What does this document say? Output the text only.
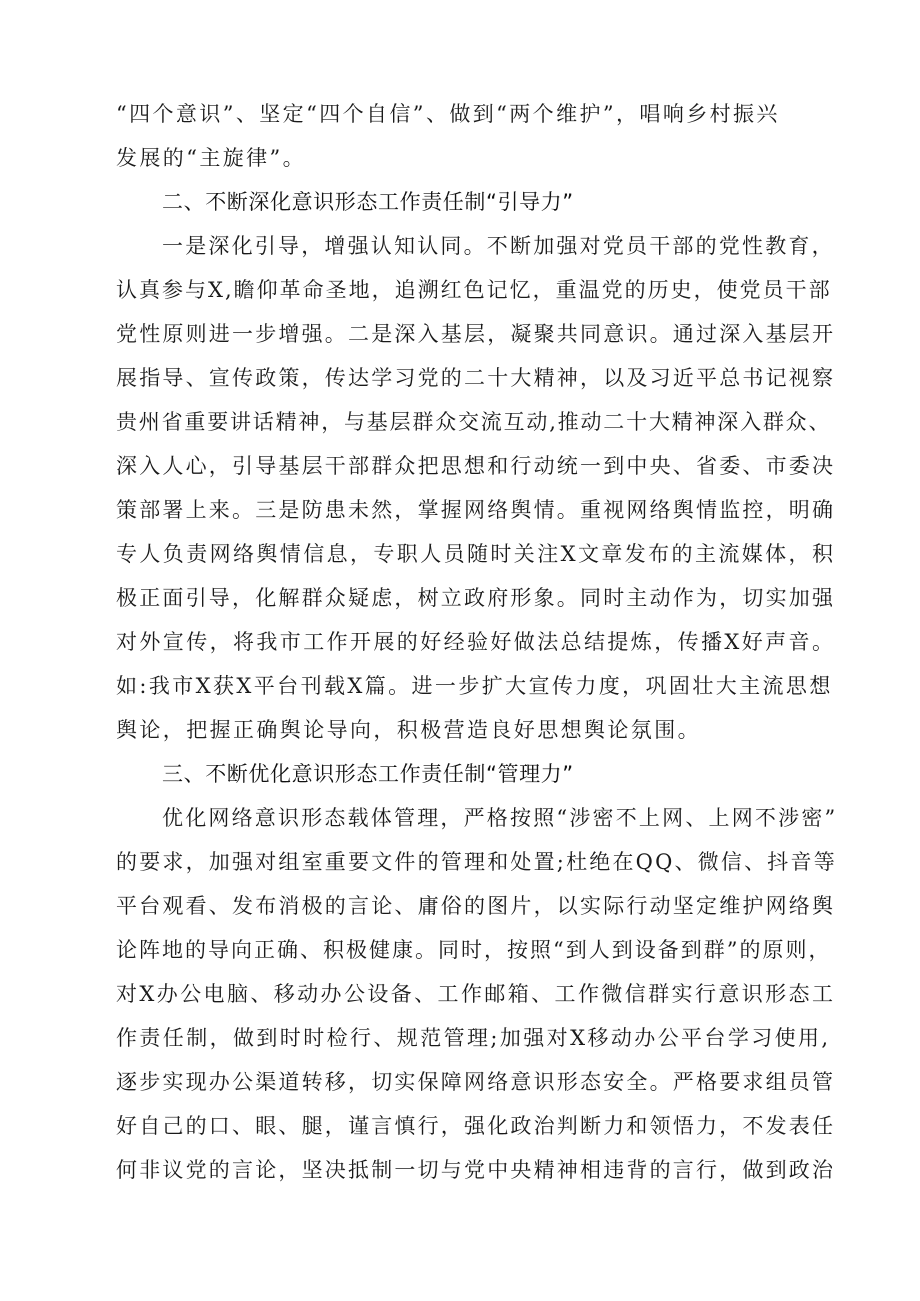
“四个意识”、坚定“四个自信”、做到“两个维护”，唱响乡村振兴
发展的“主旋律”。
二、不断深化意识形态工作责任制“引导力”
一是深化引导，增强认知认同。不断加强对党员干部的党性教育，
认真参与X,瞻仰革命圣地，追溯红色记忆，重温党的历史，使党员干部
党性原则进一步增强。二是深入基层，凝聚共同意识。通过深入基层开
展指导、宣传政策，传达学习党的二十大精神，以及习近平总书记视察
贵州省重要讲话精神，与基层群众交流互动,推动二十大精神深入群众、
深入人心，引导基层干部群众把思想和行动统一到中央、省委、市委决
策部署上来。三是防患未然，掌握网络舆情。重视网络舆情监控，明确
专人负责网络舆情信息，专职人员随时关注X文章发布的主流媒体，积
极正面引导，化解群众疑虑，树立政府形象。同时主动作为，切实加强
对外宣传，将我市工作开展的好经验好做法总结提炼，传播X好声音。
如:我市X获X平台刊载X篇。进一步扩大宣传力度，巩固壮大主流思想
舆论，把握正确舆论导向，积极营造良好思想舆论氛围。
三、不断优化意识形态工作责任制“管理力”
优化网络意识形态载体管理，严格按照“涉密不上网、上网不涉密”
的要求，加强对组室重要文件的管理和处置;杜绝在QQ、微信、抖音等
平台观看、发布消极的言论、庸俗的图片，以实际行动坚定维护网络舆
论阵地的导向正确、积极健康。同时，按照“到人到设备到群”的原则，
对X办公电脑、移动办公设备、工作邮箱、工作微信群实行意识形态工
作责任制，做到时时检行、规范管理;加强对X移动办公平台学习使用,
逐步实现办公渠道转移，切实保障网络意识形态安全。严格要求组员管
好自己的口、眼、腿，谨言慎行，强化政治判断力和领悟力，不发表任
何非议党的言论，坚决抵制一切与党中央精神相违背的言行，做到政治
